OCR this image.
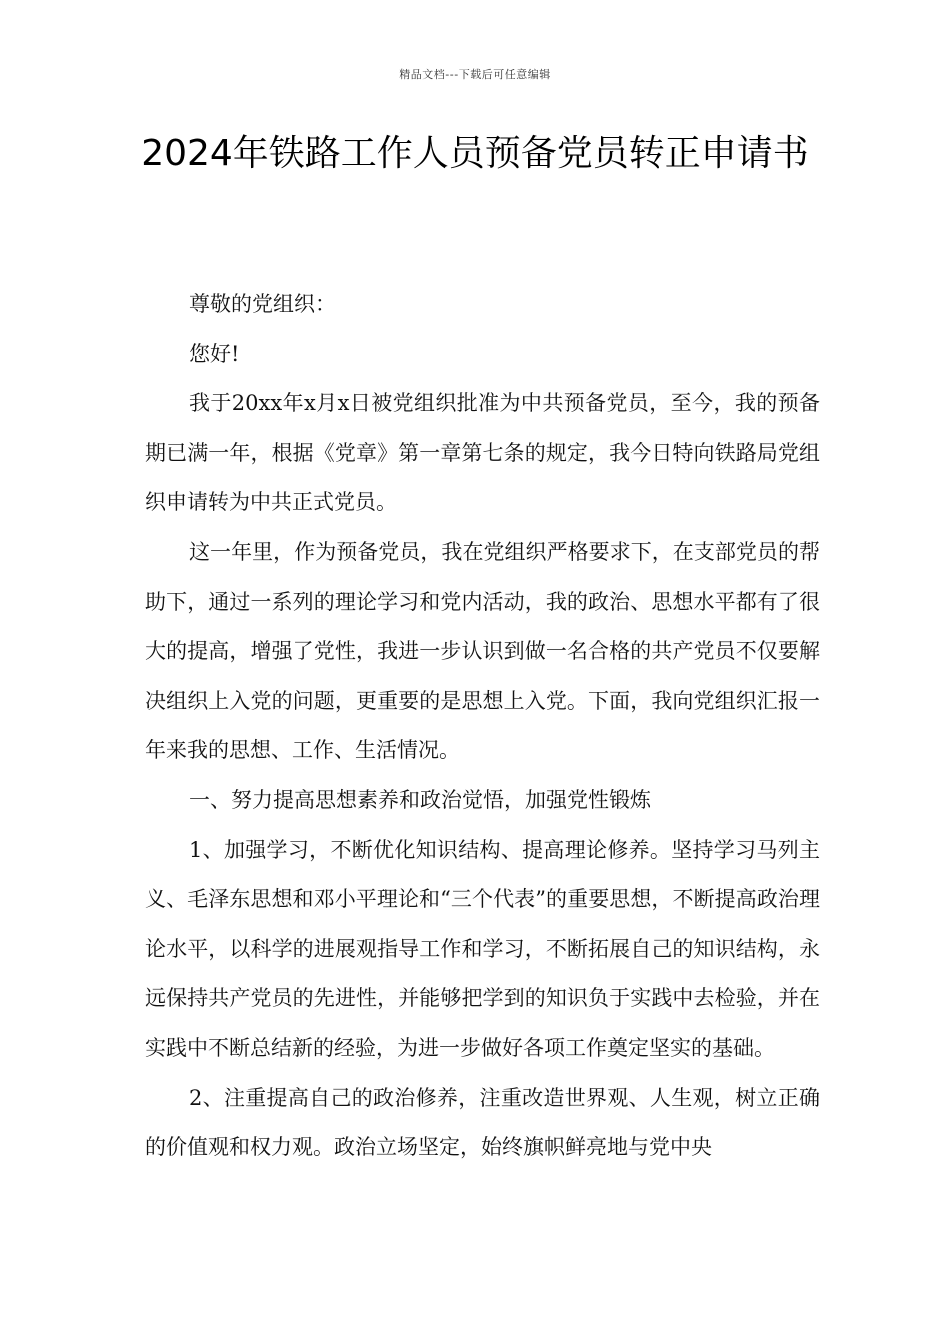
精品文档---下载后可任意编辑
2024年铁路工作人员预备党员转正申请书

尊敬的党组织：

您好!

我于20xx年x月x日被党组织批准为中共预备党员，至今，我的预备期已满一年，根据《党章》第一章第七条的规定，我今日特向铁路局党组织申请转为中共正式党员。

这一年里，作为预备党员，我在党组织严格要求下，在支部党员的帮助下，通过一系列的理论学习和党内活动，我的政治、思想水平都有了很大的提高，增强了党性，我进一步认识到做一名合格的共产党员不仅要解决组织上入党的问题，更重要的是思想上入党。下面，我向党组织汇报一年来我的思想、工作、生活情况。

一、努力提高思想素养和政治觉悟，加强党性锻炼

1、加强学习，不断优化知识结构、提高理论修养。坚持学习马列主义、毛泽东思想和邓小平理论和“三个代表”的重要思想，不断提高政治理论水平，以科学的进展观指导工作和学习，不断拓展自己的知识结构，永远保持共产党员的先进性，并能够把学到的知识负于实践中去检验，并在实践中不断总结新的经验，为进一步做好各项工作奠定坚实的基础。

2、注重提高自己的政治修养，注重改造世界观、人生观，树立正确的价值观和权力观。政治立场坚定，始终旗帜鲜亮地与党中央
